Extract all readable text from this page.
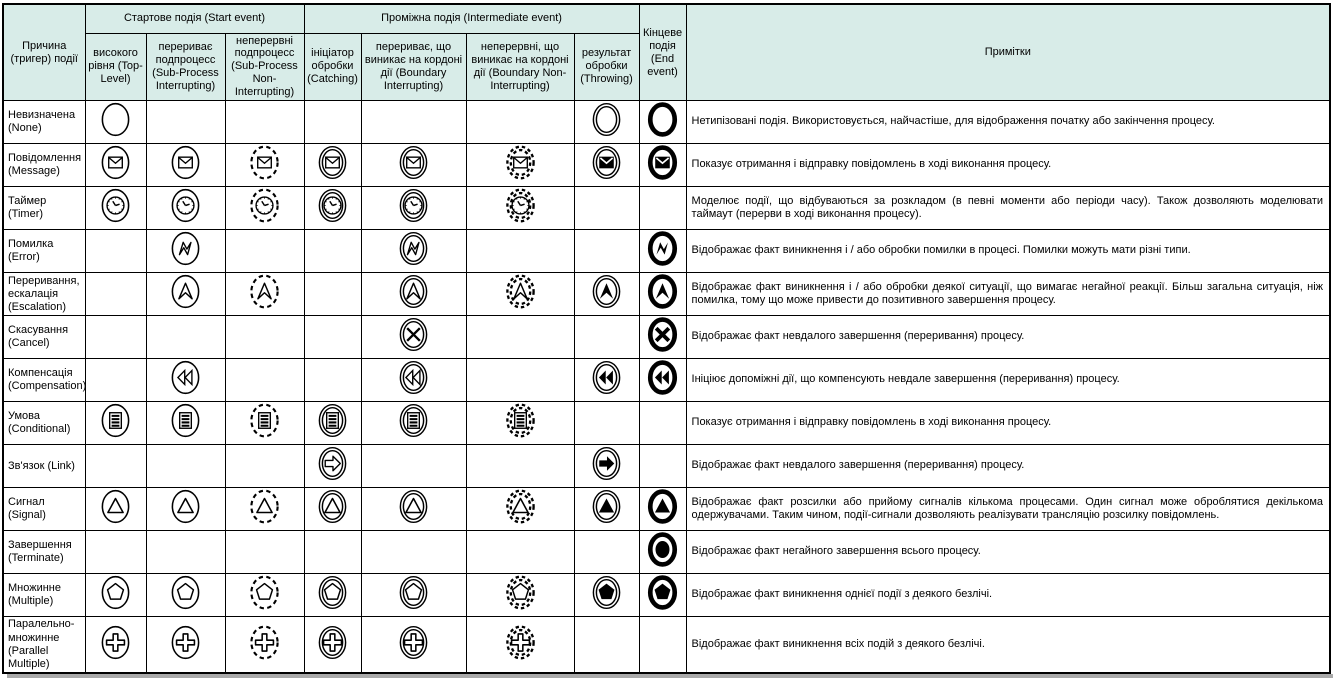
Причина (тригер) події	Стартове подія (Start event)			Проміжна подія (Intermediate event)				Кінцеве подія (End event)	Примітки
	високого рівня (Top-Level)	перериває подпроцесс (Sub-Process Interrupting)	неперервні подпроцесс (Sub-Process Non-Interrupting)	ініціатор обробки (Catching)	перериває, що виникає на кордоні дії (Boundary Interrupting)	неперервні, що виникає на кордоні дії (Boundary Non-Interrupting)	результат обробки (Throwing)		
Невизначена (None)									Нетипізовані подія. Використовується, найчастіше, для відображення початку або закінчення процесу.
Повідомлення (Message)									Показує отримання і відправку повідомлень в ході виконання процесу.
Таймер (Timer)									Моделює події, що відбуваються за розкладом (в певні моменти або періоди часу). Також дозволяють моделювати таймаут (перерви в ході виконання процесу).
Помилка (Error)									Відображає факт виникнення і / або обробки помилки в процесі. Помилки можуть мати різні типи.
Переривання, ескалація (Escalation)									Відображає факт виникнення і / або обробки деякої ситуації, що вимагає негайної реакції. Більш загальна ситуація, ніж помилка, тому що може привести до позитивного завершення процесу.
Скасування (Cancel)									Відображає факт невдалого завершення (переривання) процесу.
Компенсація (Compensation)									Ініціює допоміжні дії, що компенсують невдале завершення (переривання) процесу.
Умова (Conditional)									Показує отримання і відправку повідомлень в ході виконання процесу.
Зв'язок (Link)									Відображає факт невдалого завершення (переривання) процесу.
Сигнал (Signal)									Відображає факт розсилки або прийому сигналів кількома процесами. Один сигнал може оброблятися декількома одержувачами. Таким чином, події-сигнали дозволяють реалізувати трансляцію розсилку повідомлень.
Завершення (Terminate)									Відображає факт негайного завершення всього процесу.
Множинне (Multiple)									Відображає факт виникнення однієї події з деякого безлічі.
Паралельно-множинне (Parallel Multiple)									Відображає факт виникнення всіх подій з деякого безлічі.
